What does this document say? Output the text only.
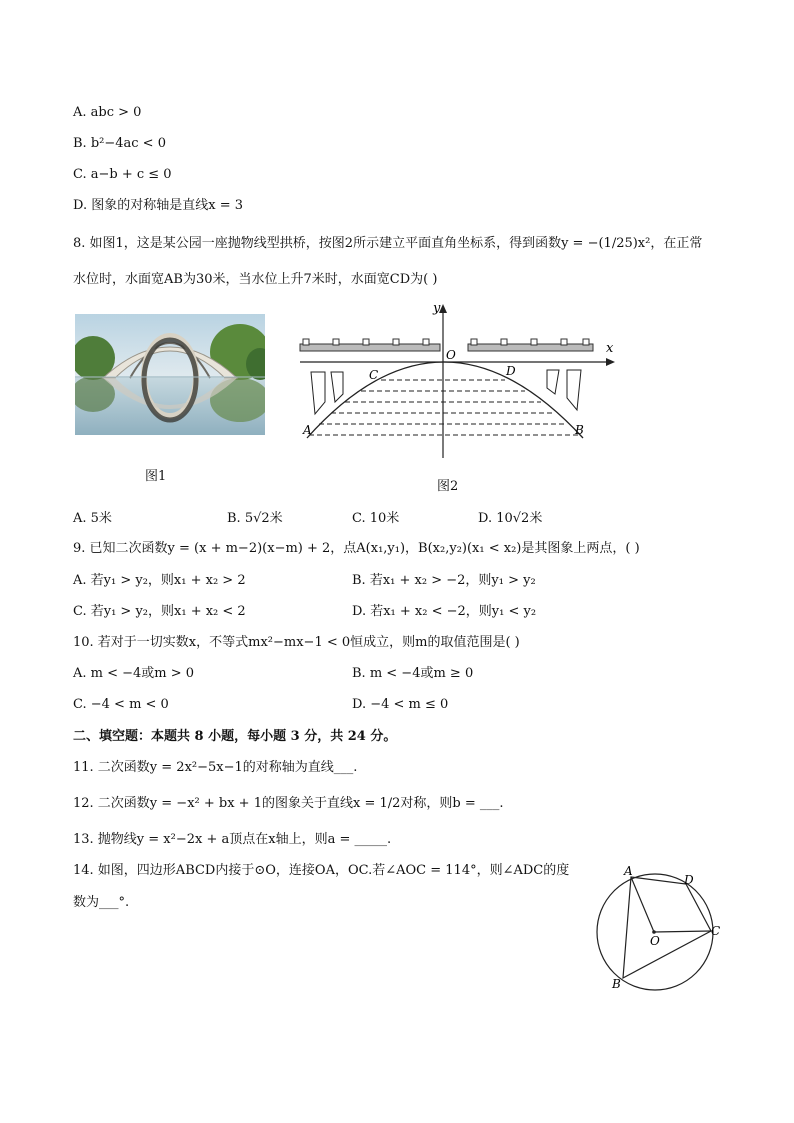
A. abc > 0
B. b²−4ac < 0
C. a−b + c ≤ 0
D. 图象的对称轴是直线x = 3
8. 如图1，这是某公园一座抛物线型拱桥，按图2所示建立平面直角坐标系，得到函数y = −(1/25)x²，在正常
水位时，水面宽AB为30米，当水位上升7米时，水面宽CD为( )
图1
y
x
O
C	D
A	B
图2
A. 5米	B. 5√2米	C. 10米	D. 10√2米
9. 已知二次函数y = (x + m−2)(x−m) + 2，点A(x₁,y₁)，B(x₂,y₂)(x₁ < x₂)是其图象上两点，( )
A. 若y₁ > y₂，则x₁ + x₂ > 2	B. 若x₁ + x₂ > −2，则y₁ > y₂
C. 若y₁ > y₂，则x₁ + x₂ < 2	D. 若x₁ + x₂ < −2，则y₁ < y₂
10. 若对于一切实数x，不等式mx²−mx−1 < 0恒成立，则m的取值范围是( )
A. m < −4或m > 0	B. m < −4或m ≥ 0
C. −4 < m < 0	D. −4 < m ≤ 0
二、填空题：本题共 8 小题，每小题 3 分，共 24 分。
11. 二次函数y = 2x²−5x−1的对称轴为直线___.
12. 二次函数y = −x² + bx + 1的图象关于直线x = 1/2对称，则b = ___.
13. 抛物线y = x²−2x + a顶点在x轴上，则a = _____.
14. 如图，四边形ABCD内接于⊙O，连接OA，OC.若∠AOC = 114°，则∠ADC的度
数为___°.
A
D
C
B
O
